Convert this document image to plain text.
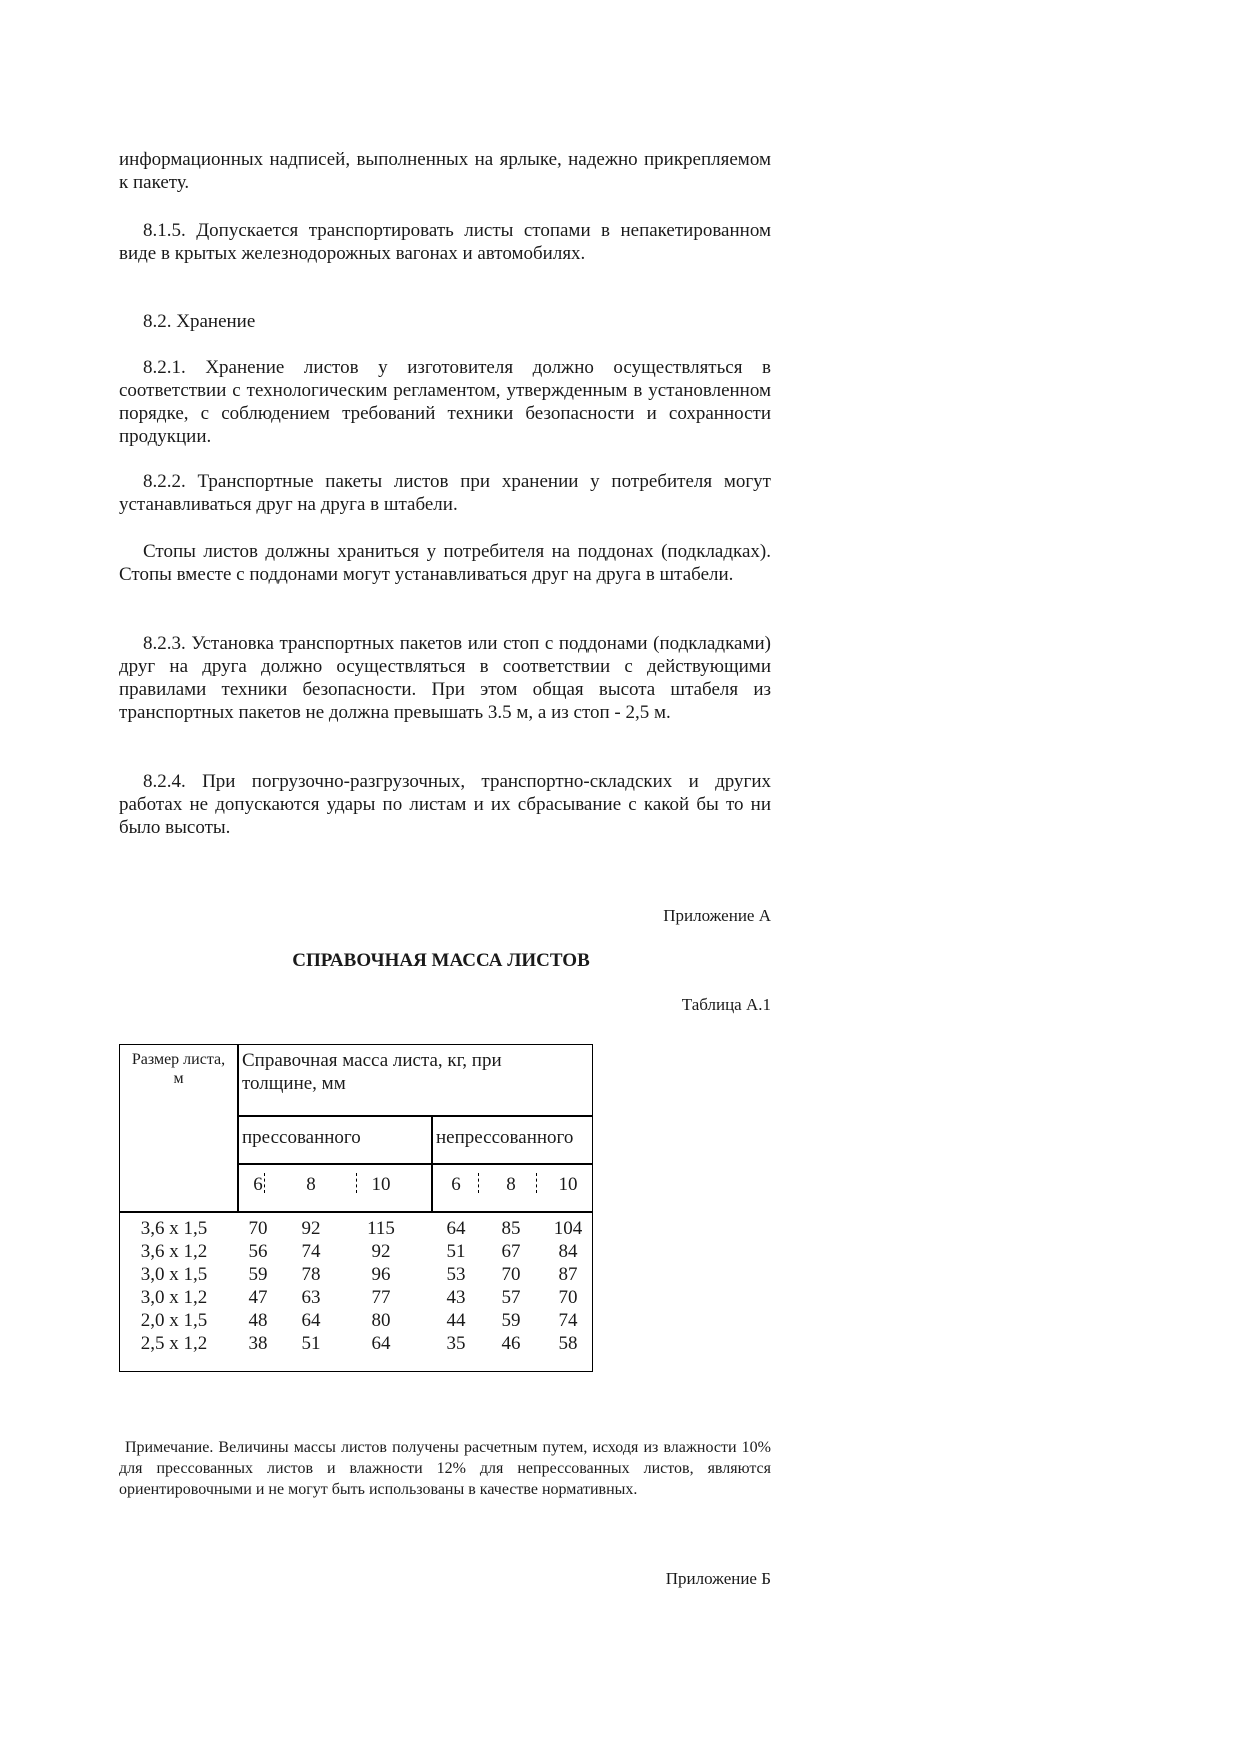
информационных надписей, выполненных на ярлыке, надежно прикрепляемом к пакету.
8.1.5. Допускается транспортировать листы стопами в непакетированном виде в крытых железнодорожных вагонах и автомобилях.
8.2. Хранение
8.2.1. Хранение листов у изготовителя должно осуществляться в соответствии с технологическим регламентом, утвержденным в установленном порядке, с соблюдением требований техники безопасности и сохранности продукции.
8.2.2. Транспортные пакеты листов при хранении у потребителя могут устанавливаться друг на друга в штабели.
Стопы листов должны храниться у потребителя на поддонах (подкладках). Стопы вместе с поддонами могут устанавливаться друг на друга в штабели.
8.2.3. Установка транспортных пакетов или стоп с поддонами (подкладками) друг на друга должно осуществляться в соответствии с действующими правилами техники безопасности. При этом общая высота штабеля из транспортных пакетов не должна превышать 3.5 м, а из стоп - 2,5 м.
8.2.4. При погрузочно-разгрузочных, транспортно-складских и других работах не допускаются удары по листам и их сбрасывание с какой бы то ни было высоты.
Приложение А
СПРАВОЧНАЯ МАССА ЛИСТОВ
Таблица А.1
Размер листа,
м
Справочная масса листа, кг, при
толщине, мм
прессованного	непрессованного
6	8	10	6	8	10
3,6 х 1,5	70	92	115	64	85	104
3,6 х 1,2	56	74	92	51	67	84
3,0 х 1,5	59	78	96	53	70	87
3,0 х 1,2	47	63	77	43	57	70
2,0 х 1,5	48	64	80	44	59	74
2,5 х 1,2	38	51	64	35	46	58
Примечание. Величины массы листов получены расчетным путем, исходя из влажности 10% для прессованных листов и влажности 12% для непрессованных листов, являются ориентировочными и не могут быть использованы в качестве нормативных.
Приложение Б
